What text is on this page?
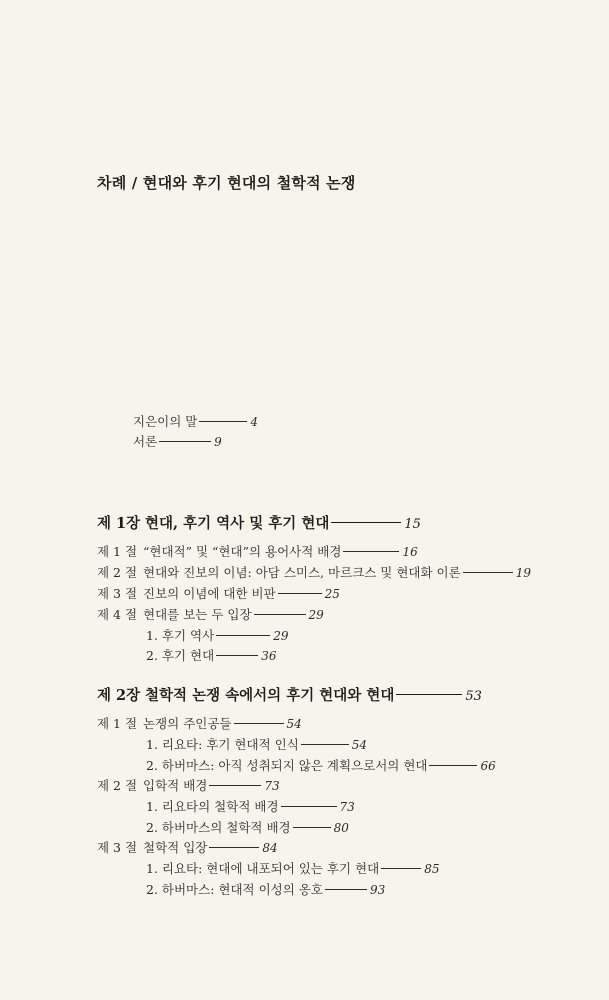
차례 / 현대와 후기 현대의 철학적 논쟁
지은이의 말	4
서론	9
제 1장 현대, 후기 역사 및 후기 현대	15
제 1 절 “현대적” 및 “현대”의 용어사적 배경	16
제 2 절 현대와 진보의 이념: 아담 스미스, 마르크스 및 현대화 이론	19
제 3 절 진보의 이념에 대한 비판	25
제 4 절 현대를 보는 두 입장	29
1. 후기 역사	29
2. 후기 현대	36
제 2장 철학적 논쟁 속에서의 후기 현대와 현대	53
제 1 절 논쟁의 주인공들	54
1. 리요타: 후기 현대적 인식	54
2. 하버마스: 아직 성취되지 않은 계획으로서의 현대	66
제 2 절 입학적 배경	73
1. 리요타의 철학적 배경	73
2. 하버마스의 철학적 배경	80
제 3 절 철학적 입장	84
1. 리요타: 현대에 내포되어 있는 후기 현대	85
2. 하버마스: 현대적 이성의 옹호	93
